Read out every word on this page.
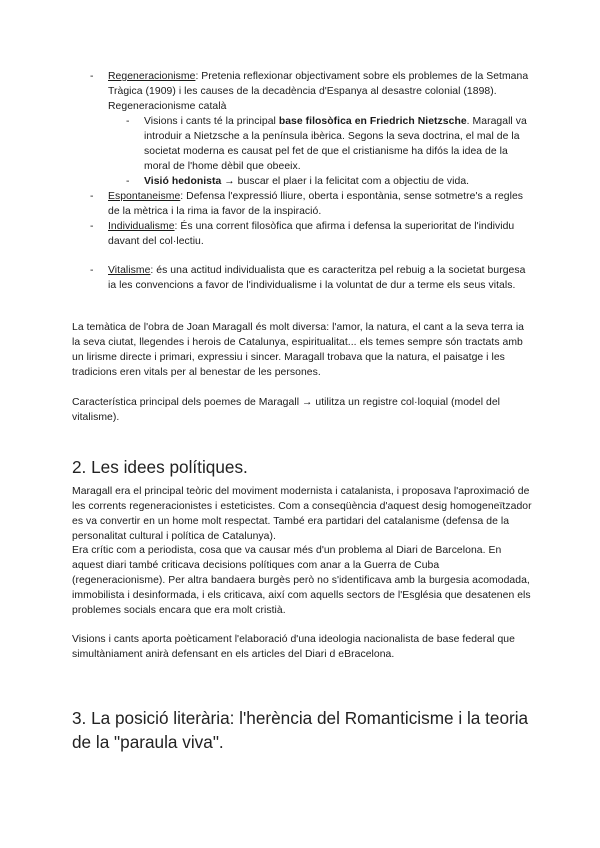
- Regeneracionisme: Pretenia reflexionar objectivament sobre els problemes de la Setmana Tràgica (1909) i les causes de la decadència d'Espanya al desastre colonial (1898). Regeneracionisme català
- Visions i cants té la principal base filosòfica en Friedrich Nietzsche. Maragall va introduir a Nietzsche a la península ibèrica. Segons la seva doctrina, el mal de la societat moderna es causat pel fet de que el cristianisme ha difós la idea de la moral de l'home dèbil que obeeix.
- Visió hedonista → buscar el plaer i la felicitat com a objectiu de vida.
- Espontaneisme: Defensa l'expressió lliure, oberta i espontània, sense sotmetre's a regles de la mètrica i la rima ia favor de la inspiració.
- Individualisme: És una corrent filosòfica que afirma i defensa la superioritat de l'individu davant del col·lectiu.
- Vitalisme: és una actitud individualista que es caracteritza pel rebuig a la societat burgesa ia les convencions a favor de l'individualisme i la voluntat de dur a terme els seus vitals.
La temàtica de l'obra de Joan Maragall és molt diversa: l'amor, la natura, el cant a la seva terra ia la seva ciutat, llegendes i herois de Catalunya, espiritualitat... els temes sempre són tractats amb un lirisme directe i primari, expressiu i sincer. Maragall trobava que la natura, el paisatge i les tradicions eren vitals per al benestar de les persones.
Característica principal dels poemes de Maragall → utilitza un registre col·loquial (model del vitalisme).
2. Les idees polítiques.
Maragall era el principal teòric del moviment modernista i catalanista, i proposava l'aproximació de les corrents regeneracionistes i esteticistes. Com a conseqüència d'aquest desig homogeneïtzador es va convertir en un home molt respectat. També era partidari del catalanisme (defensa de la personalitat cultural i política de Catalunya).
Era crític com a periodista, cosa que va causar més d'un problema al Diari de Barcelona. En aquest diari també criticava decisions polítiques com anar a la Guerra de Cuba (regeneracionisme). Per altra bandaera burgès però no s'identificava amb la burgesia acomodada, immobilista i desinformada, i els criticava, així com aquells sectors de l'Església que desatenen els problemes socials encara que era molt cristià.
Visions i cants aporta poèticament l'elaboració d'una ideologia nacionalista de base federal que simultàniament anirà defensant en els articles del Diari d eBracelona.
3. La posició literària: l'herència del Romanticisme i la teoria de la "paraula viva".
